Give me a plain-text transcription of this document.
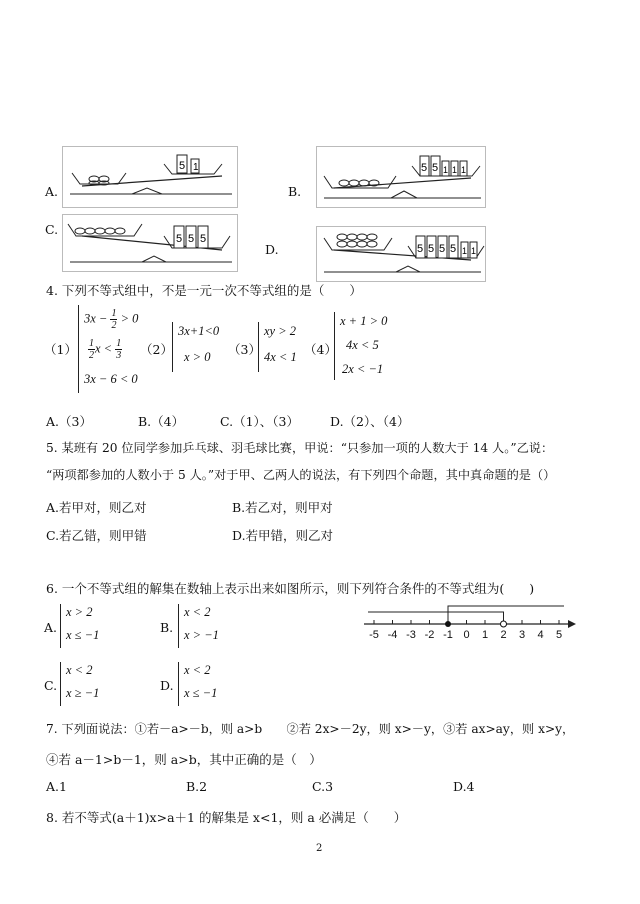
A.
5 1
B.
5 5 1 1 1
C.
5 5 5
D.	5 5 5 5 1 1
4. 下列不等式组中，不是一元一次不等式组的是（　　）
（1）
$3x - \frac{1}{2} > 0$
$\frac{1}{2}$ $x < \frac{1}{3}$
3x − 6 < 0
（2）
3x+1<0
x > 0 （3）
xy > 2
4x < 1 （4）
x + 1 > 0
4x < 5
2x < −1
A.（3）	B.（4）	C.（1）、（3） D.（2）、（4）
5. 某班有 20 位同学参加乒乓球、羽毛球比赛，甲说：“只参加一项的人数大于 14 人。”乙说：
“两项都参加的人数小于 5 人。”对于甲、乙两人的说法，有下列四个命题，其中真命题的是（）
A.若甲对，则乙对	B.若乙对，则甲对
C.若乙错，则甲错	D.若甲错，则乙对
6. 一个不等式组的解集在数轴上表示出来如图所示，则下列符合条件的不等式组为(　　)
A.
x > 2
x ≤ −1	B.
x < 2
x > −1
C.
x < 2
x ≥ −1	D.
x < 2
x ≤ −1
-5 -4 -3 -2 -1 0 1 2 3 4 5
7. 下列面说法：①若－a>－b，则 a>b　　②若 2x>－2y，则 x>－y，③若 ax>ay，则 x>y，
④若 a－1>b－1，则 a>b，其中正确的是（　）
A.1	B.2	C.3	D.4
8. 若不等式(a＋1)x>a＋1 的解集是 x<1，则 a 必满足（　　）
2
